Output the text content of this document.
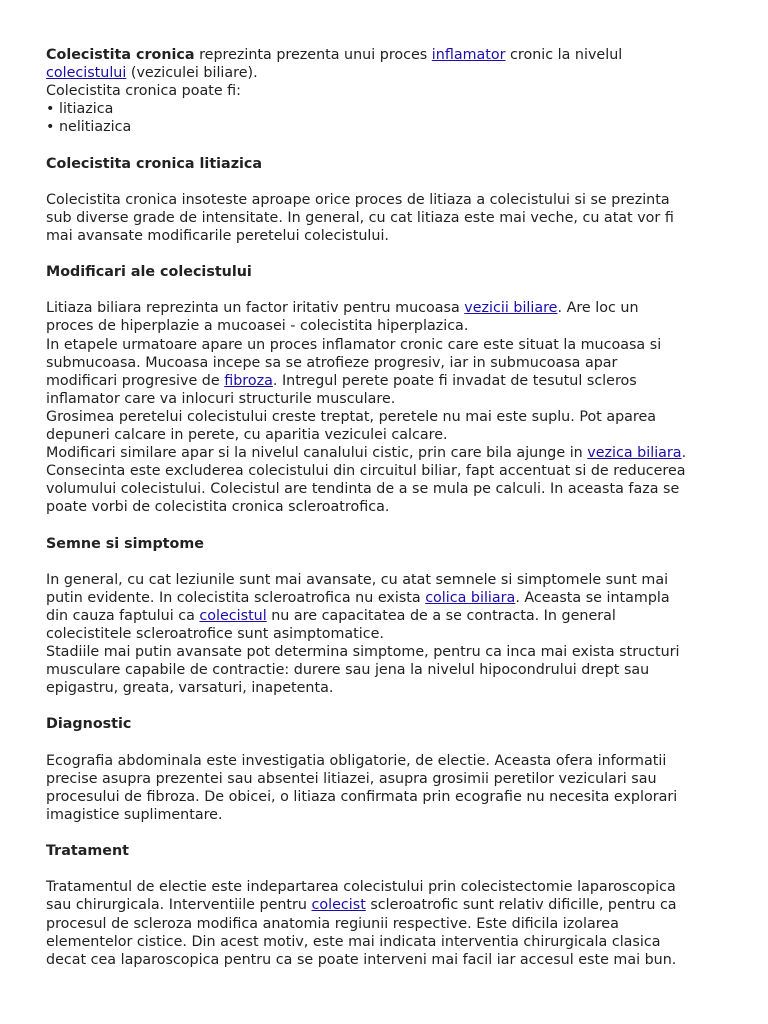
Colecistita cronica reprezinta prezenta unui proces inflamator cronic la nivelul
colecistului (veziculei biliare).
Colecistita cronica poate fi:
• litiazica
• nelitiazica
Colecistita cronica litiazica
Colecistita cronica insoteste aproape orice proces de litiaza a colecistului si se prezinta
sub diverse grade de intensitate. In general, cu cat litiaza este mai veche, cu atat vor fi
mai avansate modificarile peretelui colecistului.
Modificari ale colecistului
Litiaza biliara reprezinta un factor iritativ pentru mucoasa vezicii biliare. Are loc un
proces de hiperplazie a mucoasei - colecistita hiperplazica.
In etapele urmatoare apare un proces inflamator cronic care este situat la mucoasa si
submucoasa. Mucoasa incepe sa se atrofieze progresiv, iar in submucoasa apar
modificari progresive de fibroza. Intregul perete poate fi invadat de tesutul scleros
inflamator care va inlocuri structurile musculare.
Grosimea peretelui colecistului creste treptat, peretele nu mai este suplu. Pot aparea
depuneri calcare in perete, cu aparitia veziculei calcare.
Modificari similare apar si la nivelul canalului cistic, prin care bila ajunge in vezica biliara.
Consecinta este excluderea colecistului din circuitul biliar, fapt accentuat si de reducerea
volumului colecistului. Colecistul are tendinta de a se mula pe calculi. In aceasta faza se
poate vorbi de colecistita cronica scleroatrofica.
Semne si simptome
In general, cu cat leziunile sunt mai avansate, cu atat semnele si simptomele sunt mai
putin evidente. In colecistita scleroatrofica nu exista colica biliara. Aceasta se intampla
din cauza faptului ca colecistul nu are capacitatea de a se contracta. In general
colecistitele scleroatrofice sunt asimptomatice.
Stadiile mai putin avansate pot determina simptome, pentru ca inca mai exista structuri
musculare capabile de contractie: durere sau jena la nivelul hipocondrului drept sau
epigastru, greata, varsaturi, inapetenta.
Diagnostic
Ecografia abdominala este investigatia obligatorie, de electie. Aceasta ofera informatii
precise asupra prezentei sau absentei litiazei, asupra grosimii peretilor veziculari sau
procesului de fibroza. De obicei, o litiaza confirmata prin ecografie nu necesita explorari
imagistice suplimentare.
Tratament
Tratamentul de electie este indepartarea colecistului prin colecistectomie laparoscopica
sau chirurgicala. Interventiile pentru colecist scleroatrofic sunt relativ dificille, pentru ca
procesul de scleroza modifica anatomia regiunii respective. Este dificila izolarea
elementelor cistice. Din acest motiv, este mai indicata interventia chirurgicala clasica
decat cea laparoscopica pentru ca se poate interveni mai facil iar accesul este mai bun.
